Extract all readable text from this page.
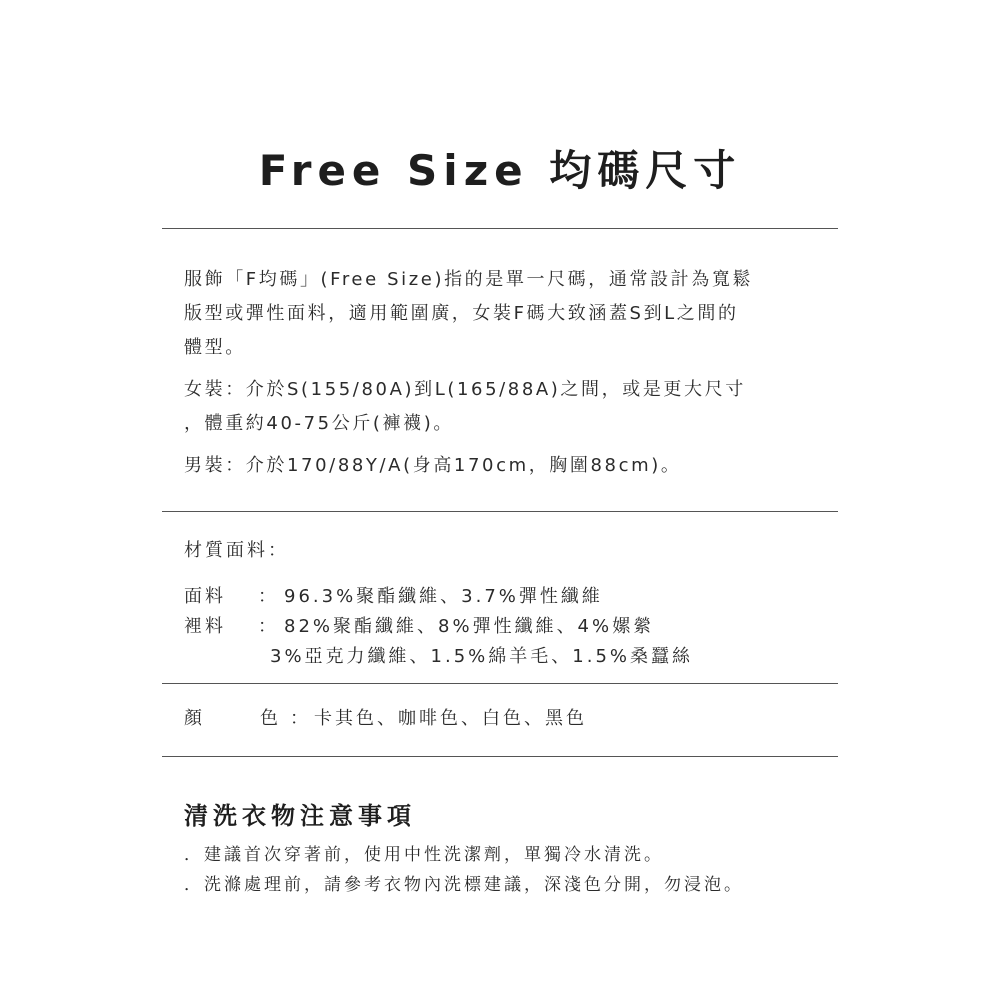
Free Size 均碼尺寸

服飾「F均碼」(Free Size)指的是單一尺碼，通常設計為寬鬆
版型或彈性面料，適用範圍廣，女裝F碼大致涵蓋S到L之間的
體型。

女裝：介於S(155/80A)到L(165/88A)之間，或是更大尺寸
，體重約40-75公斤(褲襪)。

男裝：介於170/88Y/A(身高170cm，胸圍88cm)。

材質面料：
面料	： 96.3%聚酯纖維、3.7%彈性纖維
裡料	： 82%聚酯纖維、8%彈性纖維、4%嫘縈
3%亞克力纖維、1.5%綿羊毛、1.5%桑蠶絲
顏	色 ： 卡其色、咖啡色、白色、黑色
清洗衣物注意事項
．建議首次穿著前，使用中性洗潔劑，單獨冷水清洗。
．洗滌處理前，請參考衣物內洗標建議，深淺色分開，勿浸泡。
